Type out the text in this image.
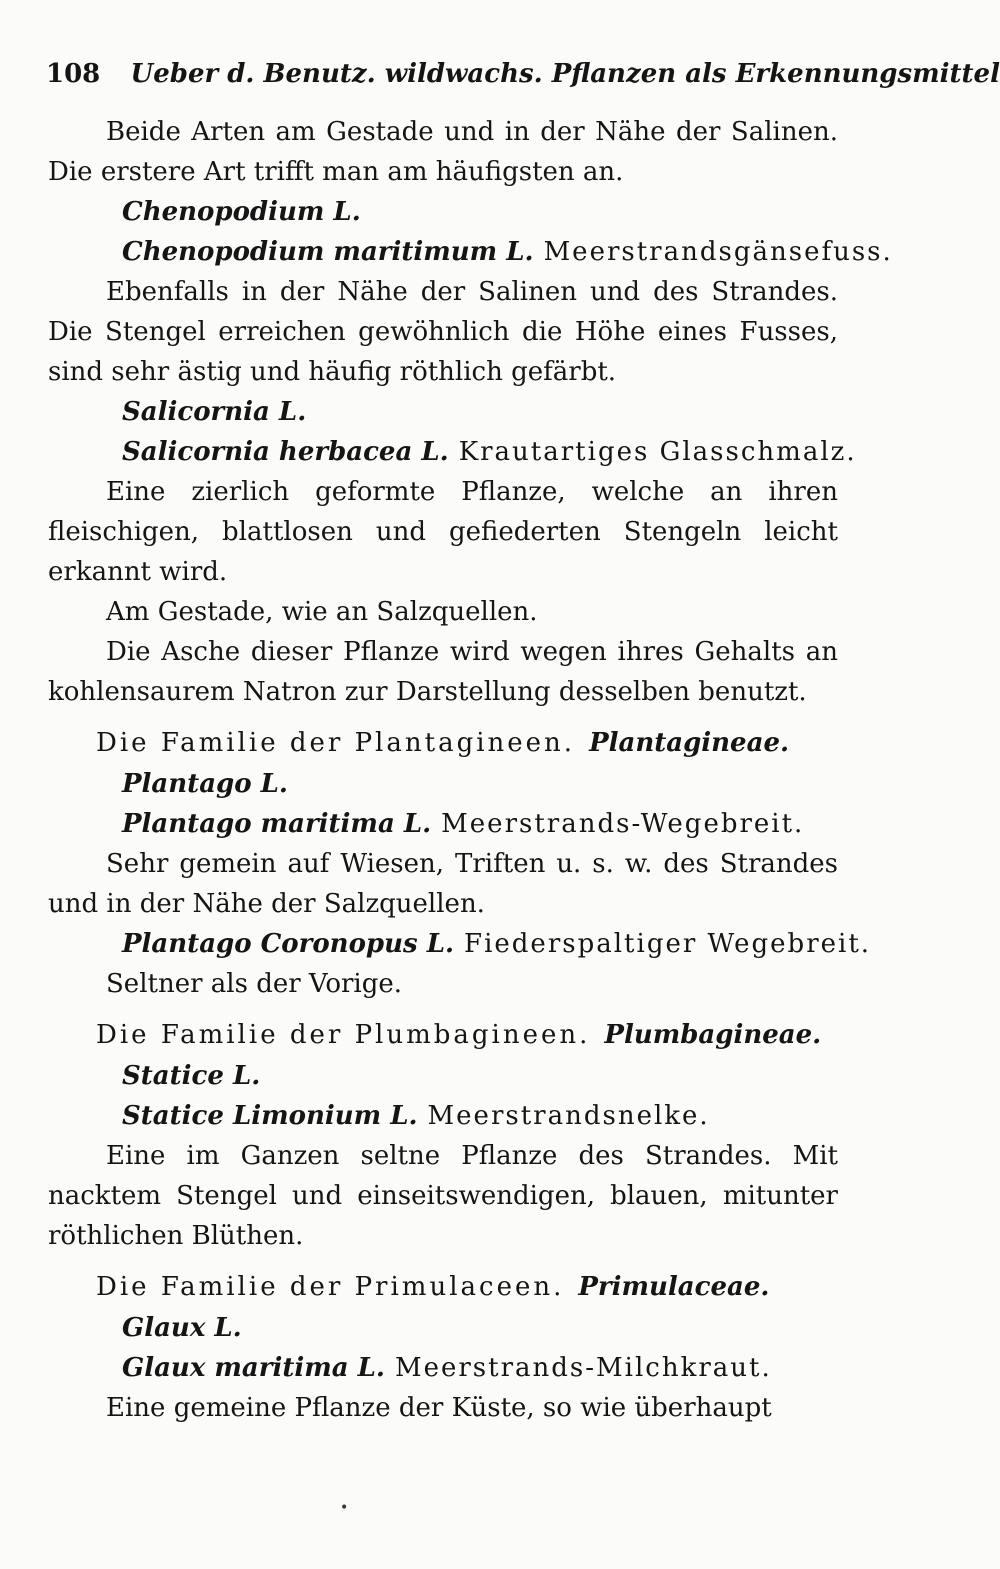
108 Ueber d. Benutz. wildwachs. Pflanzen als Erkennungsmittel

Beide Arten am Gestade und in der Nähe der Salinen. Die erstere Art trifft man am häufigsten an.

Chenopodium L.

Chenopodium maritimum L. Meerstrandsgänsefuss.

Ebenfalls in der Nähe der Salinen und des Strandes. Die Stengel erreichen gewöhnlich die Höhe eines Fusses, sind sehr ästig und häufig röthlich gefärbt.

Salicornia L.

Salicornia herbacea L. Krautartiges Glasschmalz.

Eine zierlich geformte Pflanze, welche an ihren fleischigen, blattlosen und gefiederten Stengeln leicht erkannt wird.

Am Gestade, wie an Salzquellen.

Die Asche dieser Pflanze wird wegen ihres Gehalts an kohlensaurem Natron zur Darstellung desselben benutzt.

Die Familie der Plantagineen. Plantagineae.

Plantago L.

Plantago maritima L. Meerstrands-Wegebreit.

Sehr gemein auf Wiesen, Triften u. s. w. des Strandes und in der Nähe der Salzquellen.

Plantago Coronopus L. Fiederspaltiger Wegebreit.

Seltner als der Vorige.

Die Familie der Plumbagineen. Plumbagineae.

Statice L.

Statice Limonium L. Meerstrandsnelke.

Eine im Ganzen seltne Pflanze des Strandes. Mit nacktem Stengel und einseitswendigen, blauen, mitunter röthlichen Blüthen.

Die Familie der Primulaceen. Primulaceae.

Glaux L.

Glaux maritima L. Meerstrands-Milchkraut.

Eine gemeine Pflanze der Küste, so wie überhaupt

•
